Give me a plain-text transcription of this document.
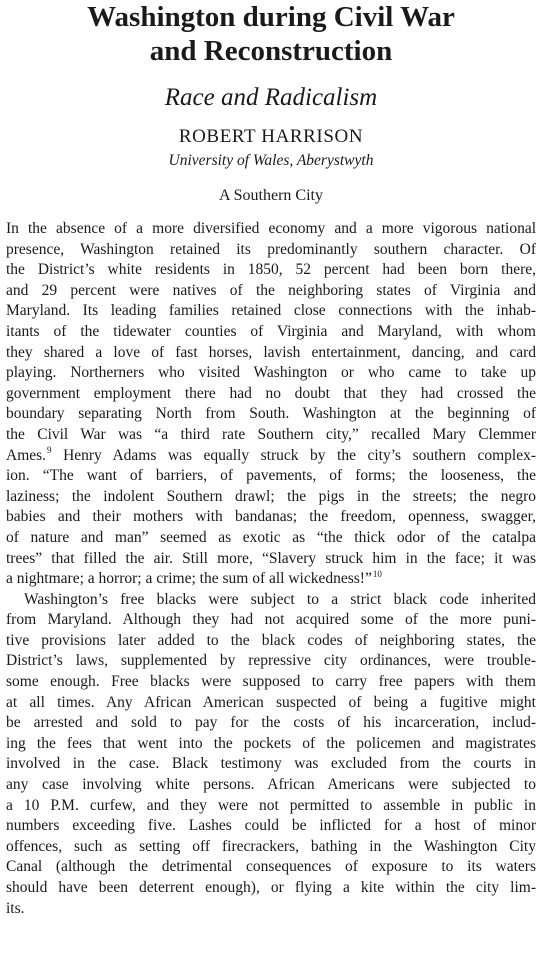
Washington during Civil War
and Reconstruction
Race and Radicalism
ROBERT HARRISON
University of Wales, Aberystwyth
A Southern City
In the absence of a more diversified economy and a more vigorous national
presence, Washington retained its predominantly southern character. Of
the District’s white residents in 1850, 52 percent had been born there,
and 29 percent were natives of the neighboring states of Virginia and
Maryland. Its leading families retained close connections with the inhab-
itants of the tidewater counties of Virginia and Maryland, with whom
they shared a love of fast horses, lavish entertainment, dancing, and card
playing. Northerners who visited Washington or who came to take up
government employment there had no doubt that they had crossed the
boundary separating North from South. Washington at the beginning of
the Civil War was “a third rate Southern city,” recalled Mary Clemmer
Ames.$^9$ Henry Adams was equally struck by the city’s southern complex-
ion. “The want of barriers, of pavements, of forms; the looseness, the
laziness; the indolent Southern drawl; the pigs in the streets; the negro
babies and their mothers with bandanas; the freedom, openness, swagger,
of nature and man” seemed as exotic as “the thick odor of the catalpa
trees” that filled the air. Still more, “Slavery struck him in the face; it was
a nightmare; a horror; a crime; the sum of all wickedness!”$^{10}$
Washington’s free blacks were subject to a strict black code inherited
from Maryland. Although they had not acquired some of the more puni-
tive provisions later added to the black codes of neighboring states, the
District’s laws, supplemented by repressive city ordinances, were trouble-
some enough. Free blacks were supposed to carry free papers with them
at all times. Any African American suspected of being a fugitive might
be arrested and sold to pay for the costs of his incarceration, includ-
ing the fees that went into the pockets of the policemen and magistrates
involved in the case. Black testimony was excluded from the courts in
any case involving white persons. African Americans were subjected to
a 10 P.M. curfew, and they were not permitted to assemble in public in
numbers exceeding five. Lashes could be inflicted for a host of minor
offences, such as setting off firecrackers, bathing in the Washington City
Canal (although the detrimental consequences of exposure to its waters
should have been deterrent enough), or flying a kite within the city lim-
its.
